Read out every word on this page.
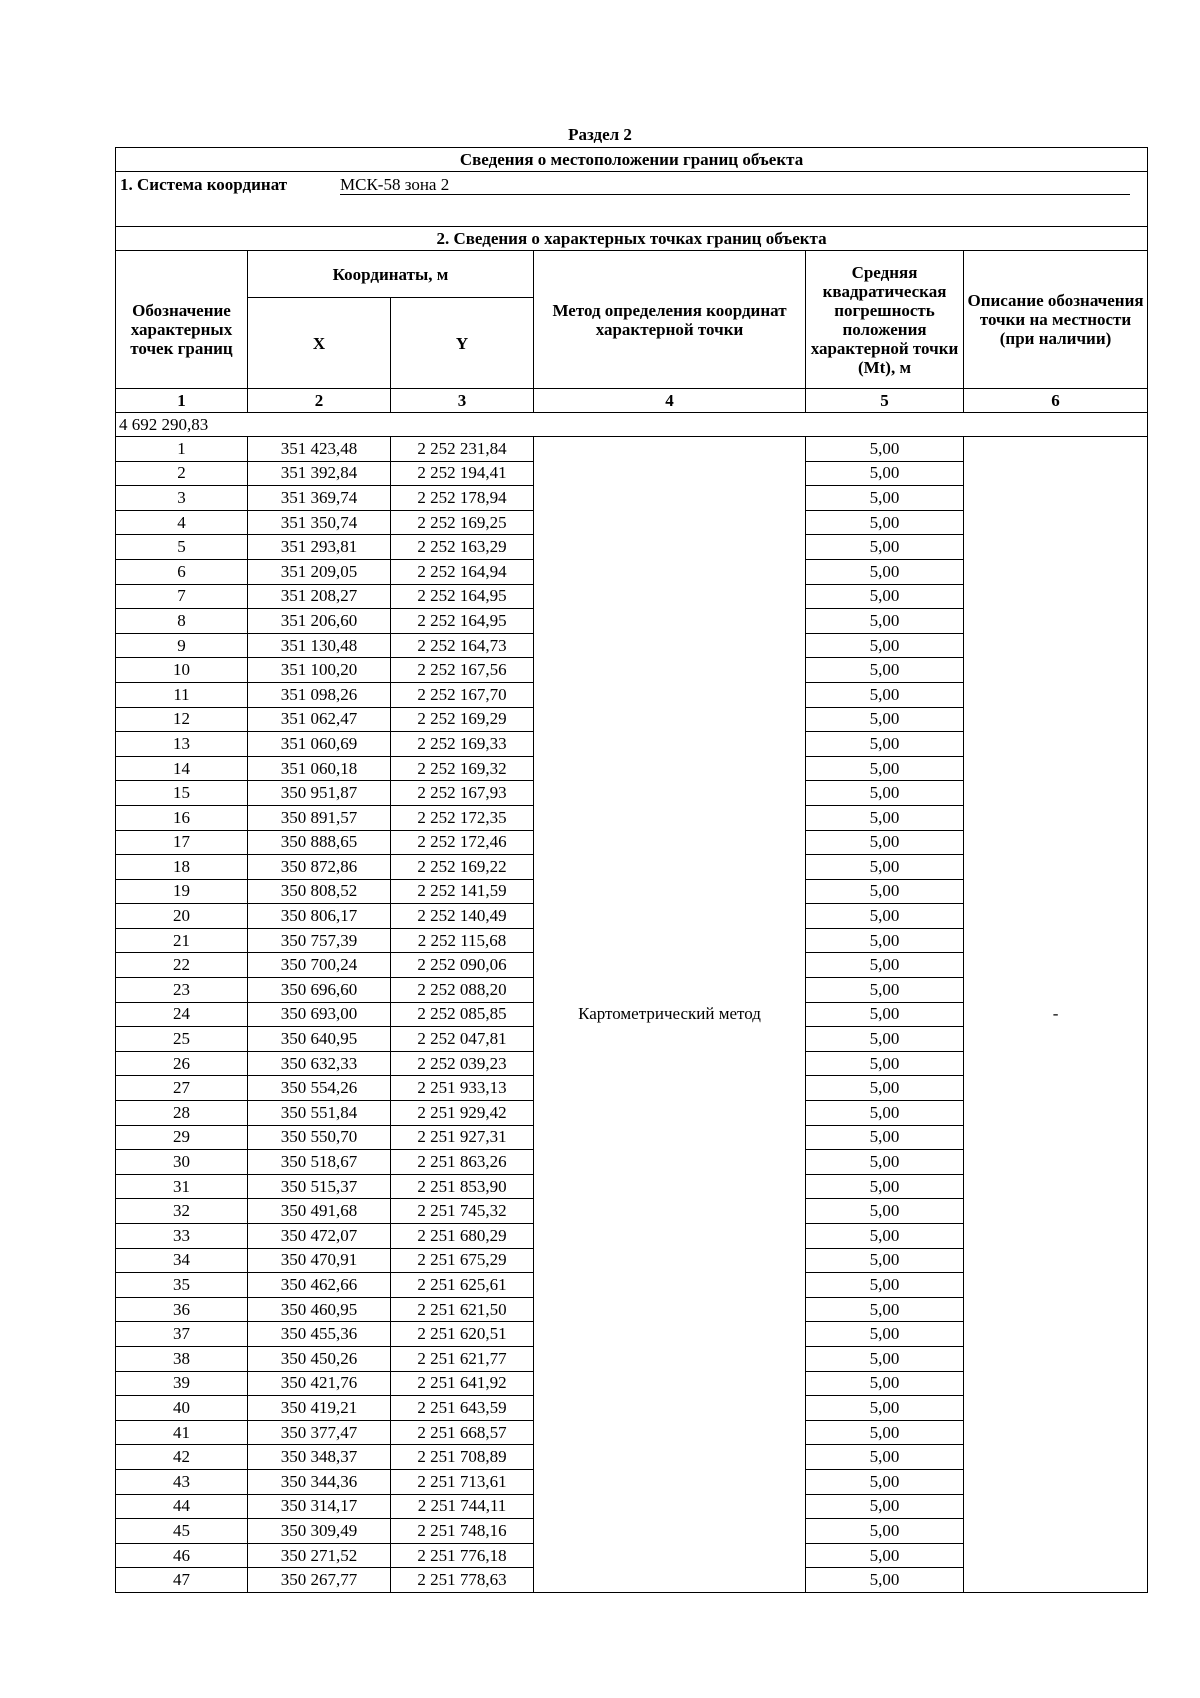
Раздел 2
Сведения о местоположении границ объекта					
1. Система координат МСК-58 зона 2					
2. Сведения о характерных точках границ объекта					
Обозначение характерных точек границ	Координаты, м		Метод определения координат характерной точки	Средняя квадратическая погрешность положения характерной точки (Mt), м	Описание обозначения точки на местности (при наличии)
	X	Y			
1	2	3	4	5	6
4 692 290,83					
1	351 423,48	2 252 231,84	Картометрический метод	5,00	-
2	351 392,84	2 252 194,41		5,00	
3	351 369,74	2 252 178,94		5,00	
4	351 350,74	2 252 169,25		5,00	
5	351 293,81	2 252 163,29		5,00	
6	351 209,05	2 252 164,94		5,00	
7	351 208,27	2 252 164,95		5,00	
8	351 206,60	2 252 164,95		5,00	
9	351 130,48	2 252 164,73		5,00	
10	351 100,20	2 252 167,56		5,00	
11	351 098,26	2 252 167,70		5,00	
12	351 062,47	2 252 169,29		5,00	
13	351 060,69	2 252 169,33		5,00	
14	351 060,18	2 252 169,32		5,00	
15	350 951,87	2 252 167,93		5,00	
16	350 891,57	2 252 172,35		5,00	
17	350 888,65	2 252 172,46		5,00	
18	350 872,86	2 252 169,22		5,00	
19	350 808,52	2 252 141,59		5,00	
20	350 806,17	2 252 140,49		5,00	
21	350 757,39	2 252 115,68		5,00	
22	350 700,24	2 252 090,06		5,00	
23	350 696,60	2 252 088,20		5,00	
24	350 693,00	2 252 085,85		5,00	
25	350 640,95	2 252 047,81		5,00	
26	350 632,33	2 252 039,23		5,00	
27	350 554,26	2 251 933,13		5,00	
28	350 551,84	2 251 929,42		5,00	
29	350 550,70	2 251 927,31		5,00	
30	350 518,67	2 251 863,26		5,00	
31	350 515,37	2 251 853,90		5,00	
32	350 491,68	2 251 745,32		5,00	
33	350 472,07	2 251 680,29		5,00	
34	350 470,91	2 251 675,29		5,00	
35	350 462,66	2 251 625,61		5,00	
36	350 460,95	2 251 621,50		5,00	
37	350 455,36	2 251 620,51		5,00	
38	350 450,26	2 251 621,77		5,00	
39	350 421,76	2 251 641,92		5,00	
40	350 419,21	2 251 643,59		5,00	
41	350 377,47	2 251 668,57		5,00	
42	350 348,37	2 251 708,89		5,00	
43	350 344,36	2 251 713,61		5,00	
44	350 314,17	2 251 744,11		5,00	
45	350 309,49	2 251 748,16		5,00	
46	350 271,52	2 251 776,18		5,00	
47	350 267,77	2 251 778,63		5,00	
